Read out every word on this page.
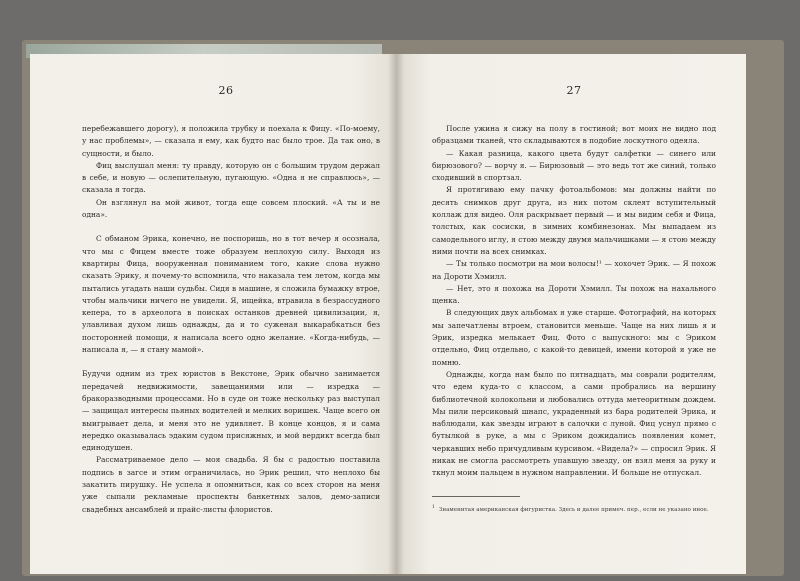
26

перебежавшего дорогу), я положила трубку и поехала к Фицу. «По-моему, у нас проблемы», — сказала я ему, как будто нас было трое. Да так оно, в сущности, и было.

Фиц выслушал меня: ту правду, которую он с большим трудом держал в себе, и новую — ослепительную, пугающую. «Одна я не справлюсь», — сказала я тогда.

Он взглянул на мой живот, тогда еще совсем плоский. «А ты и не одна».

С обманом Эрика, конечно, не поспоришь, но в тот вечер я осознала, что мы с Фицем вместе тоже образуем неплохую силу. Выходя из квартиры Фица, вооруженная пониманием того, какие слова нужно сказать Эрику, я почему-то вспомнила, что наказала тем летом, когда мы пытались угадать наши судьбы. Сидя в машине, я сложила бумажку втрое, чтобы мальчики ничего не увидели. Я, ищейка, втравила в безрассудного кепера, то в археолога в поисках останков древней цивилизации, я, улавливая духом лишь однажды, да и то суженая выкарабкаться без посторонней помощи, я написала всего одно желание. «Когда-нибудь, — написала я, — я стану мамой».

Будучи одним из трех юристов в Векстоне, Эрик обычно занимается передачей недвижимости, завещаниями или — изредка — бракоразводными процессами. Но в суде он тоже нескольку раз выступал — защищал интересы пьяных водителей и мелких воришек. Чаще всего он выигрывает дела, и меня это не удивляет. В конце концов, я и сама нередко оказывалась эдаким судом присяжных, и мой вердикт всегда был единодушен.

Рассматриваемое дело — моя свадьба. Я бы с радостью поставила подпись в загсе и этим ограничилась, но Эрик решил, что неплохо бы закатить пирушку. Не успела я опомниться, как со всех сторон на меня уже сыпали рекламные проспекты банкетных залов, демо-записи свадебных ансамблей и прайс-листы флористов.

27

После ужина я сижу на полу в гостиной; вот моих не видно под образцами тканей, что складываются в подобие лоскутного одеяла.

— Какая разница, какого цвета будут салфетки — синего или бирюзового? — ворчу я. — Бирюзовый — это ведь тот же синий, только сходивший в спортзал.

Я протягиваю ему пачку фотоальбомов: мы должны найти по десять снимков друг друга, из них потом склеят вступительный коллаж для видео. Оля раскрывает первый — и мы видим себя и Фица, толстых, как сосиски, в зимних комбинезонах. Мы выпадаем из самодельного иглу, я стою между двумя мальчишками — я стою между ними почти на всех снимках.

— Ты только посмотри на мои волосы!¹ — хохочет Эрик. — Я похож на Дороти Хэмилл.

— Нет, это я похожа на Дороти Хэмилл. Ты похож на нахального щенка.

В следующих двух альбомах я уже старше. Фотографий, на которых мы запечатлены втроем, становится меньше. Чаще на них лишь я и Эрик, изредка мелькает Фиц. Фото с выпускного: мы с Эриком отдельно, Фиц отдельно, с какой-то девицей, имени которой я уже не помню.

Однажды, когда нам было по пятнадцать, мы соврали родителям, что едем куда-то с классом, а сами пробрались на вершину библиотечной колокольни и любовались оттуда метеоритным дождем. Мы пили персиковый шнапс, украденный из бара родителей Эрика, и наблюдали, как звезды играют в салочки с луной. Фиц уснул прямо с бутылкой в руке, а мы с Эриком дожидались появления комет, черкавших небо причудливым курсивом. «Видела?» — спросил Эрик. Я никак не смогла рассмотреть упавшую звезду, он взял меня за руку и ткнул моим пальцем в нужном направлении. И больше не отпускал.

$^1$ Знаменитая американская фигуристка. Здесь и далее примеч. пер., если не указано иное.
